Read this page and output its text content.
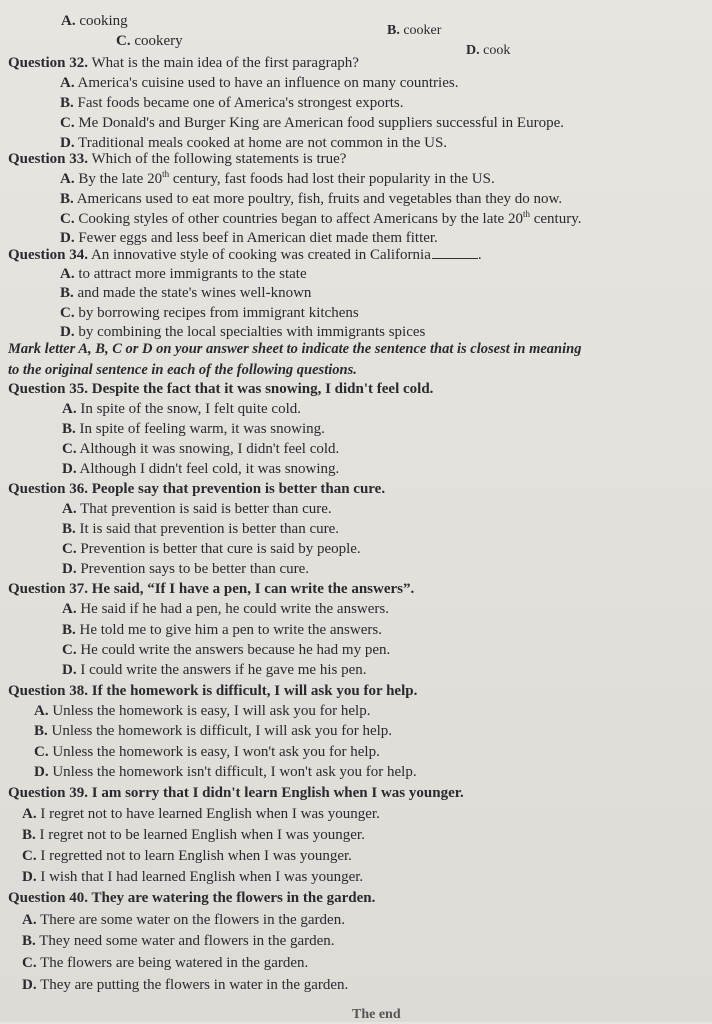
A. cooking
B. cooker
C. cookery
D. cook
Question 32. What is the main idea of the first paragraph?
A. America's cuisine used to have an influence on many countries.
B. Fast foods became one of America's strongest exports.
C. Me Donald's and Burger King are American food suppliers successful in Europe.
D. Traditional meals cooked at home are not common in the US.
Question 33. Which of the following statements is true?
A. By the late 20th century, fast foods had lost their popularity in the US.
B. Americans used to eat more poultry, fish, fruits and vegetables than they do now.
C. Cooking styles of other countries began to affect Americans by the late 20th century.
D. Fewer eggs and less beef in American diet made them fitter.
Question 34. An innovative style of cooking was created in California	.
A. to attract more immigrants to the state
B. and made the state's wines well-known
C. by borrowing recipes from immigrant kitchens
D. by combining the local specialties with immigrants spices
Mark letter A, B, C or D on your answer sheet to indicate the sentence that is closest in meaning
to the original sentence in each of the following questions.
Question 35. Despite the fact that it was snowing, I didn't feel cold.
A. In spite of the snow, I felt quite cold.
B. In spite of feeling warm, it was snowing.
C. Although it was snowing, I didn't feel cold.
D. Although I didn't feel cold, it was snowing.
Question 36. People say that prevention is better than cure.
A. That prevention is said is better than cure.
B. It is said that prevention is better than cure.
C. Prevention is better that cure is said by people.
D. Prevention says to be better than cure.
Question 37. He said, “If I have a pen, I can write the answers”.
A. He said if he had a pen, he could write the answers.
B. He told me to give him a pen to write the answers.
C. He could write the answers because he had my pen.
D. I could write the answers if he gave me his pen.
Question 38. If the homework is difficult, I will ask you for help.
A. Unless the homework is easy, I will ask you for help.
B. Unless the homework is difficult, I will ask you for help.
C. Unless the homework is easy, I won't ask you for help.
D. Unless the homework isn't difficult, I won't ask you for help.
Question 39. I am sorry that I didn't learn English when I was younger.
A. I regret not to have learned English when I was younger.
B. I regret not to be learned English when I was younger.
C. I regretted not to learn English when I was younger.
D. I wish that I had learned English when I was younger.
Question 40. They are watering the flowers in the garden.
A. There are some water on the flowers in the garden.
B. They need some water and flowers in the garden.
C. The flowers are being watered in the garden.
D. They are putting the flowers in water in the garden.
The end
